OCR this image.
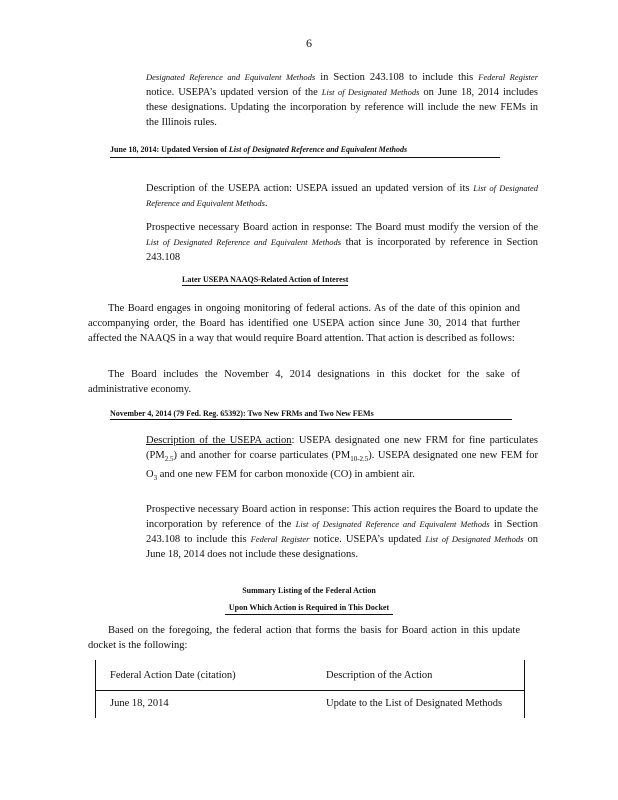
6

Designated Reference and Equivalent Methods in Section 243.108 to include this Federal Register notice. USEPA’s updated version of the List of Designated Methods on June 18, 2014 includes these designations. Updating the incorporation by reference will include the new FEMs in the Illinois rules.

June 18, 2014: Updated Version of List of Designated Reference and Equivalent Methods

Description of the USEPA action: USEPA issued an updated version of its List of Designated Reference and Equivalent Methods.

Prospective necessary Board action in response: The Board must modify the version of the List of Designated Reference and Equivalent Methods that is incorporated by reference in Section 243.108

Later USEPA NAAQS-Related Action of Interest
The Board engages in ongoing monitoring of federal actions. As of the date of this opinion and accompanying order, the Board has identified one USEPA action since June 30, 2014 that further affected the NAAQS in a way that would require Board attention. That action is described as follows:
The Board includes the November 4, 2014 designations in this docket for the sake of administrative economy.
November 4, 2014 (79 Fed. Reg. 65392): Two New FRMs and Two New FEMs

Description of the USEPA action: USEPA designated one new FRM for fine particulates $(PM_{2.5})$ and another for coarse particulates $(PM_{10-2.5})$. USEPA designated one new FEM for $O_3$ and one new FEM for carbon monoxide (CO) in ambient air.

Prospective necessary Board action in response: This action requires the Board to update the incorporation by reference of the List of Designated Reference and Equivalent Methods in Section 243.108 to include this Federal Register notice. USEPA’s updated List of Designated Methods on June 18, 2014 does not include these designations.

Summary Listing of the Federal Action
Upon Which Action is Required in This Docket
Based on the foregoing, the federal action that forms the basis for Board action in this update docket is the following:
Federal Action Date (citation)	Description of the Action
June 18, 2014	Update to the List of Designated Methods
